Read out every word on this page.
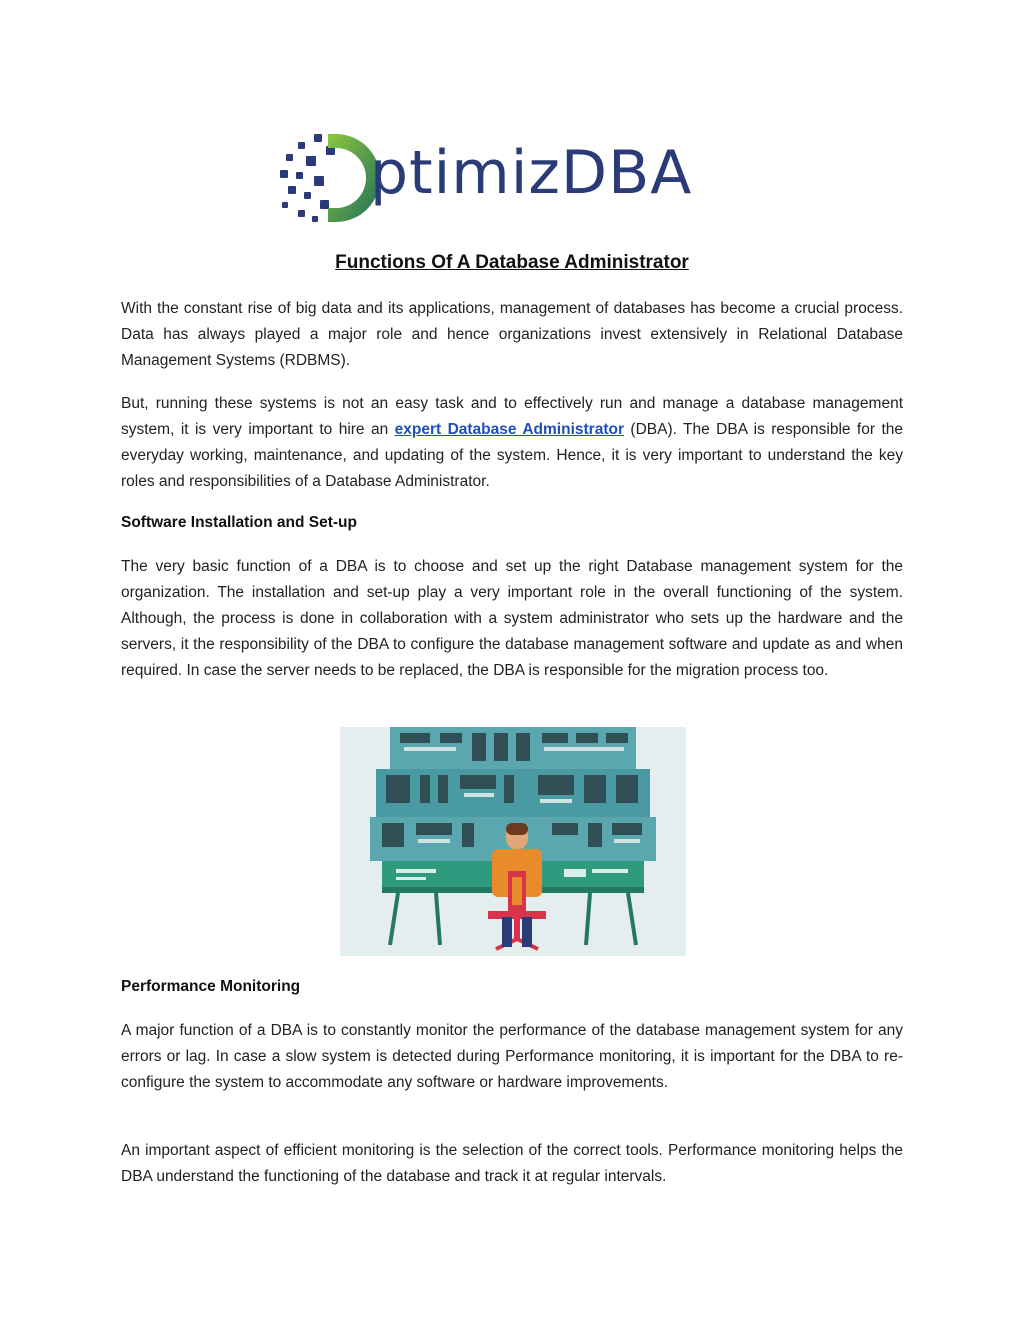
ptimizDBA
Functions Of A Database Administrator

With the constant rise of big data and its applications, management of databases has become a crucial process. Data has always played a major role and hence organizations invest extensively in Relational Database Management Systems (RDBMS).

But, running these systems is not an easy task and to effectively run and manage a database management system, it is very important to hire an expert Database Administrator (DBA). The DBA is responsible for the everyday working, maintenance, and updating of the system. Hence, it is very important to understand the key roles and responsibilities of a Database Administrator.

Software Installation and Set-up

The very basic function of a DBA is to choose and set up the right Database management system for the organization. The installation and set-up play a very important role in the overall functioning of the system. Although, the process is done in collaboration with a system administrator who sets up the hardware and the servers, it the responsibility of the DBA to configure the database management software and update as and when required. In case the server needs to be replaced, the DBA is responsible for the migration process too.

Performance Monitoring

A major function of a DBA is to constantly monitor the performance of the database management system for any errors or lag. In case a slow system is detected during Performance monitoring, it is important for the DBA to re-configure the system to accommodate any software or hardware improvements.

An important aspect of efficient monitoring is the selection of the correct tools. Performance monitoring helps the DBA understand the functioning of the database and track it at regular intervals.
